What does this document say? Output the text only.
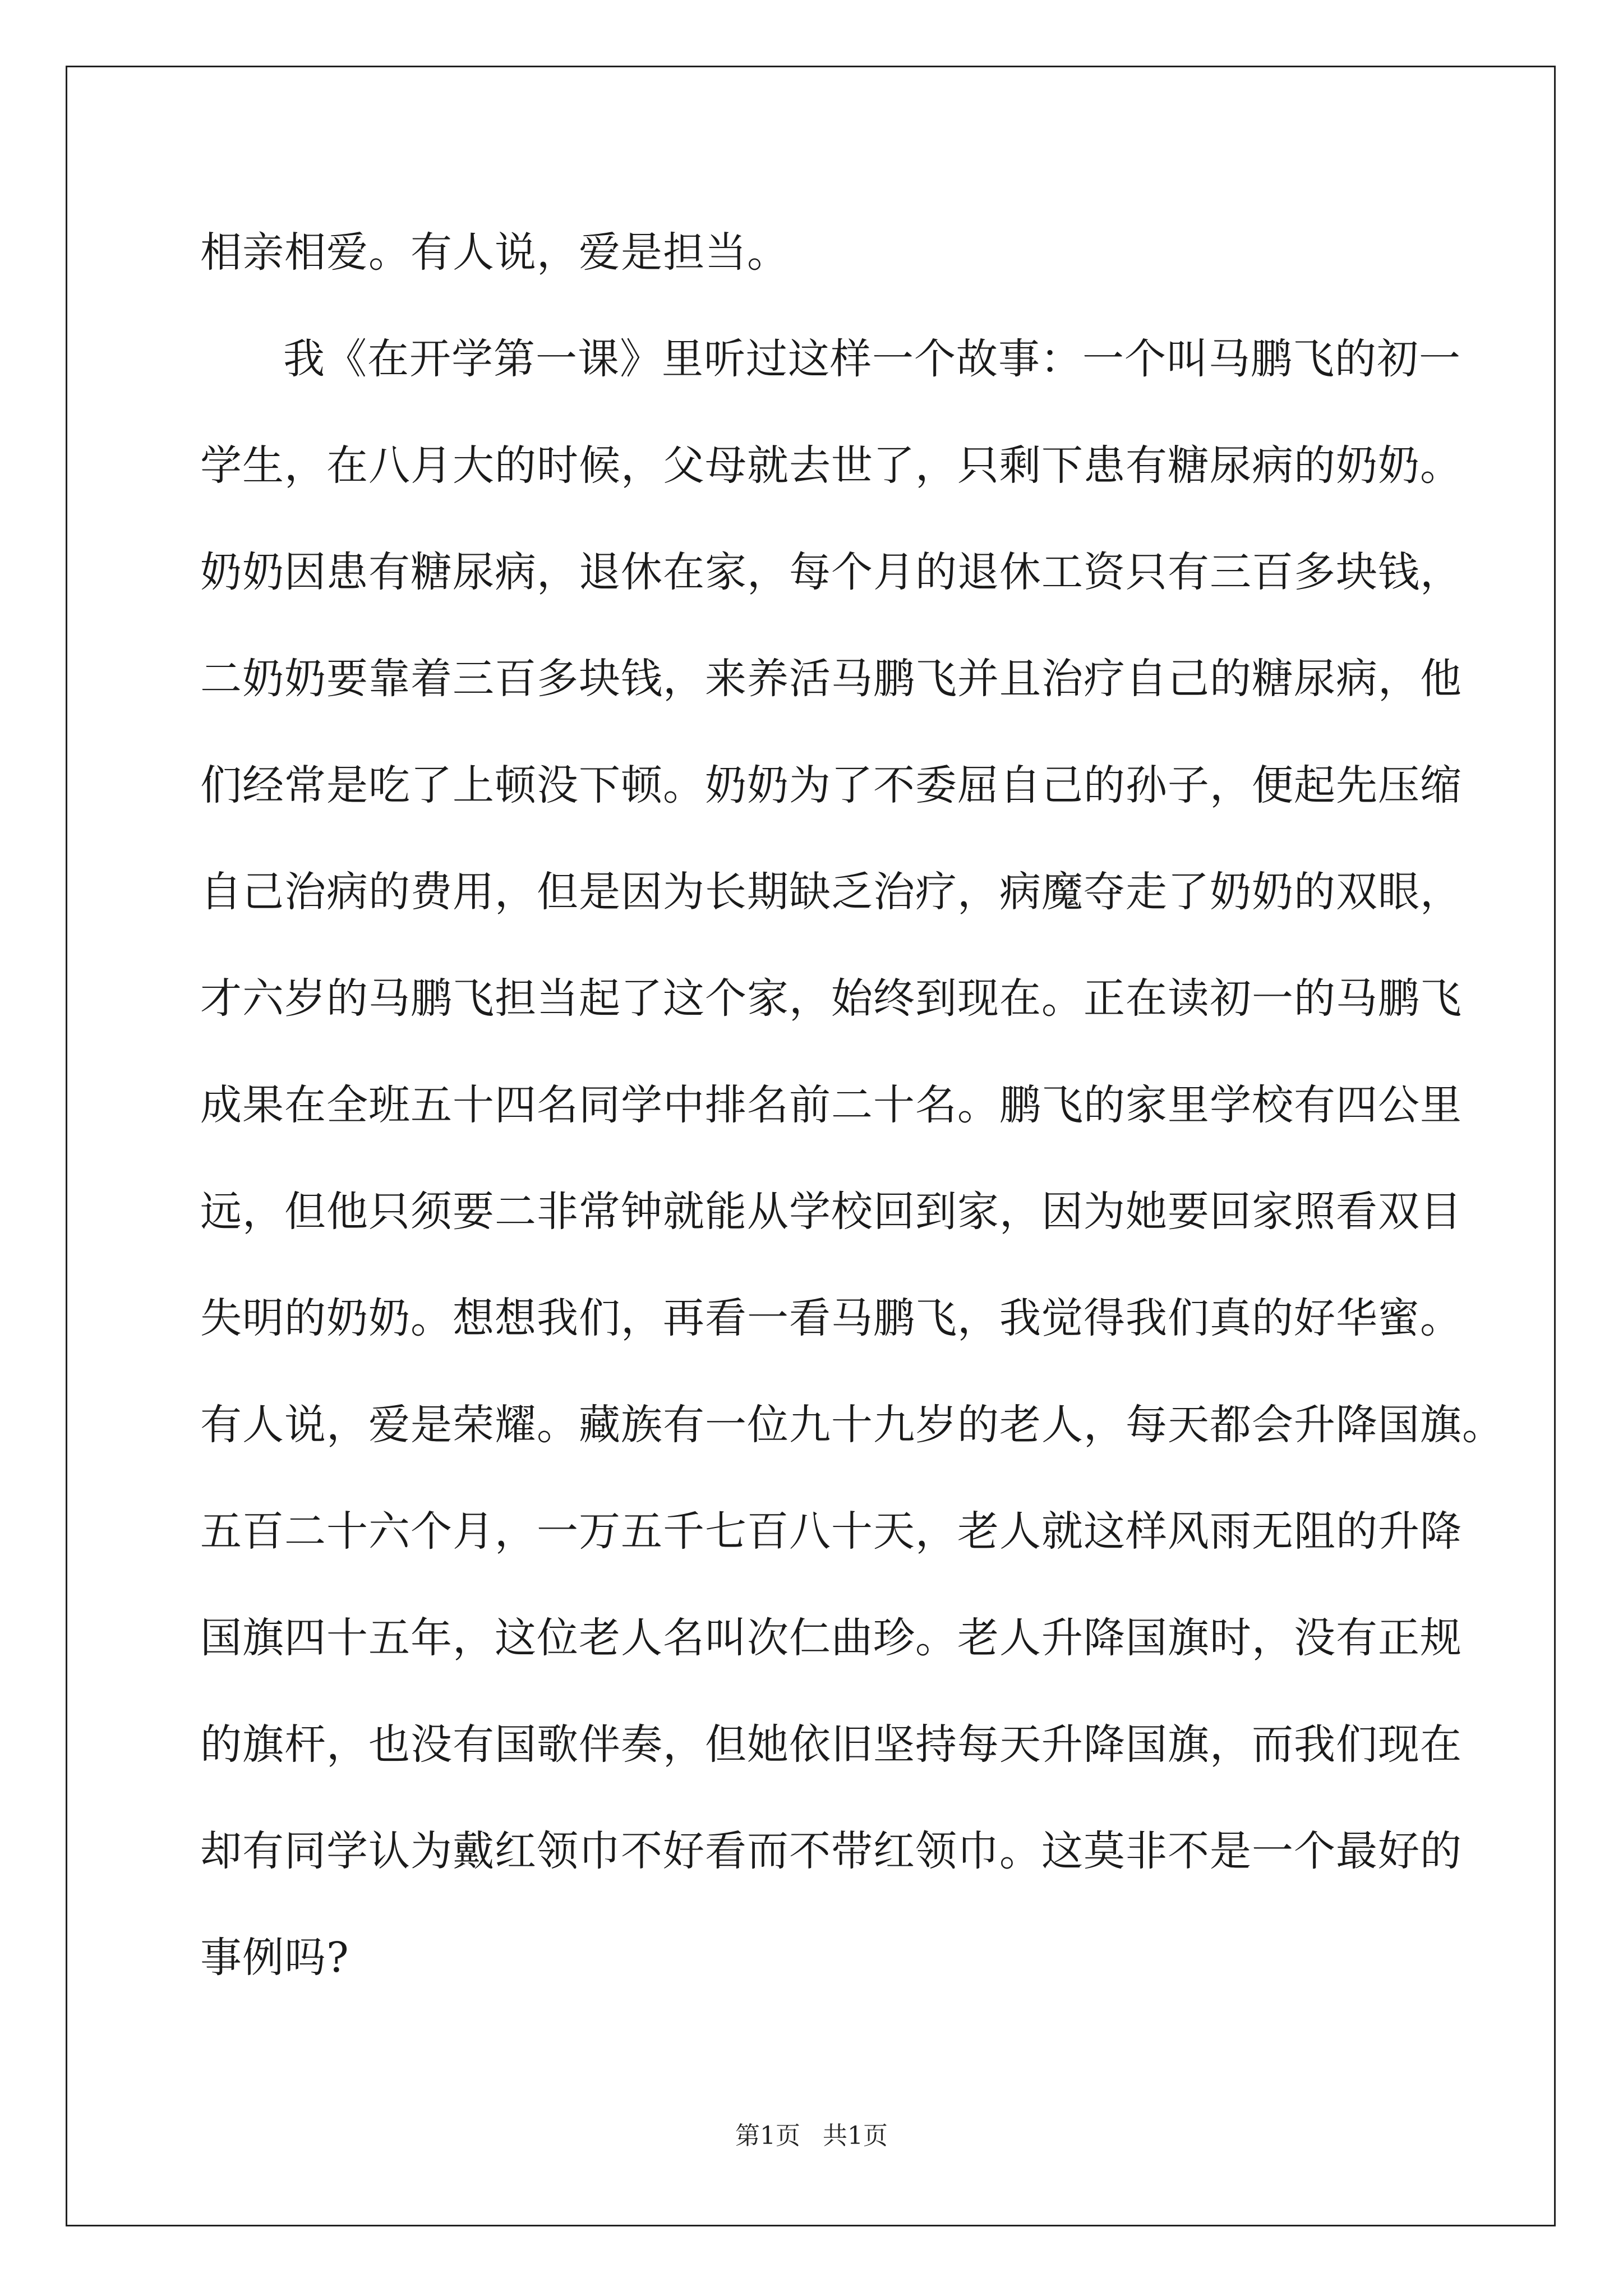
相亲相爱。有人说，爱是担当。
我《在开学第一课》里听过这样一个故事：一个叫马鹏飞的初一
学生，在八月大的时候，父母就去世了，只剩下患有糖尿病的奶奶。
奶奶因患有糖尿病，退休在家，每个月的退休工资只有三百多块钱，
二奶奶要靠着三百多块钱，来养活马鹏飞并且治疗自己的糖尿病，他
们经常是吃了上顿没下顿。奶奶为了不委屈自己的孙子，便起先压缩
自己治病的费用，但是因为长期缺乏治疗，病魔夺走了奶奶的双眼，
才六岁的马鹏飞担当起了这个家，始终到现在。正在读初一的马鹏飞
成果在全班五十四名同学中排名前二十名。鹏飞的家里学校有四公里
远，但他只须要二非常钟就能从学校回到家，因为她要回家照看双目
失明的奶奶。想想我们，再看一看马鹏飞，我觉得我们真的好华蜜。
有人说，爱是荣耀。藏族有一位九十九岁的老人，每天都会升降国旗。
五百二十六个月，一万五千七百八十天，老人就这样风雨无阻的升降
国旗四十五年，这位老人名叫次仁曲珍。老人升降国旗时，没有正规
的旗杆，也没有国歌伴奏，但她依旧坚持每天升降国旗，而我们现在
却有同学认为戴红领巾不好看而不带红领巾。这莫非不是一个最好的
事例吗?
第1页 共1页
